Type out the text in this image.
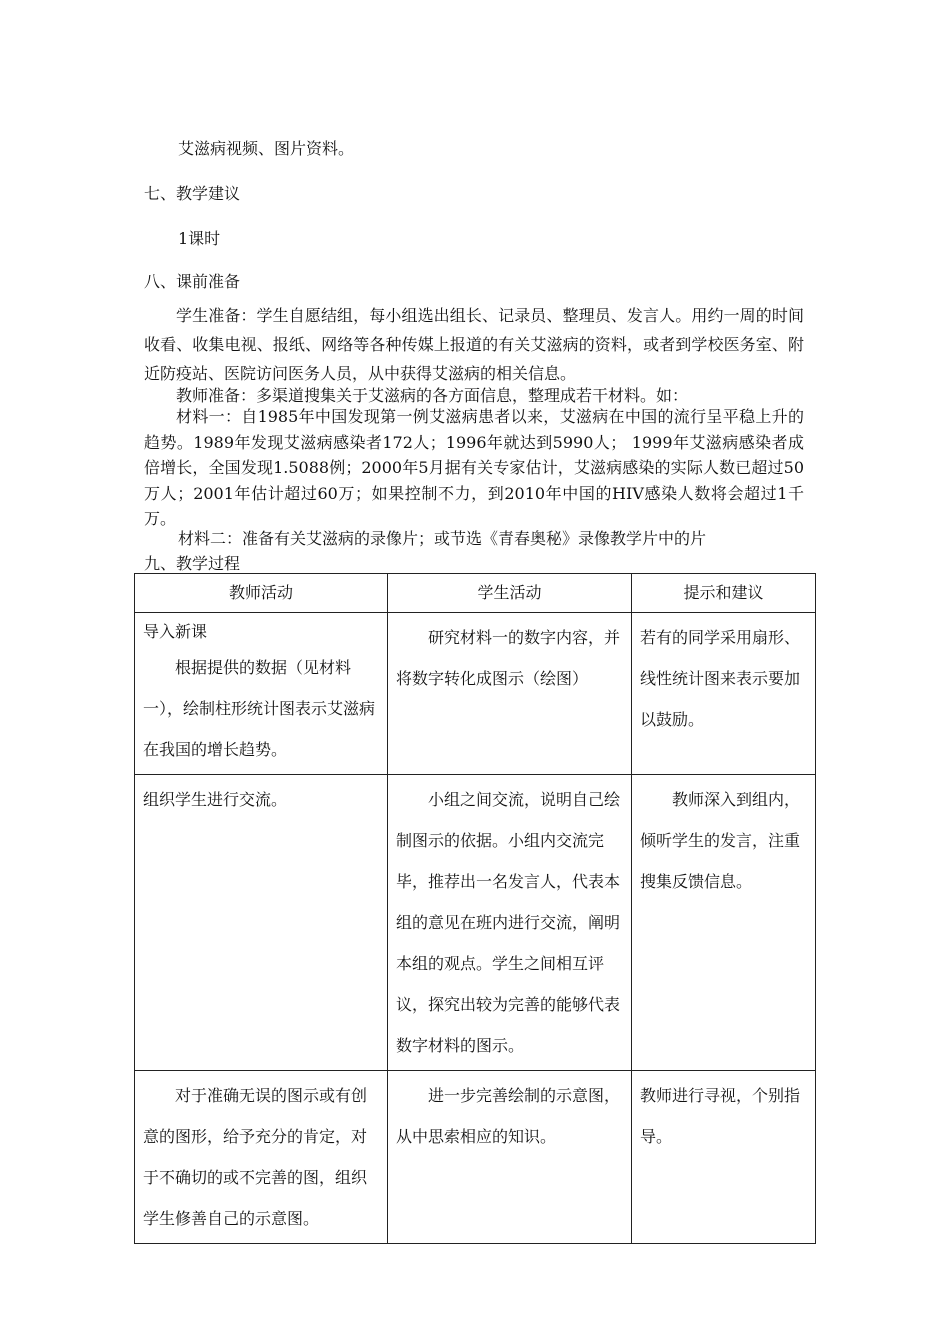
艾滋病视频、图片资料。
七、教学建议
1课时
八、课前准备
学生准备：学生自愿结组，每小组选出组长、记录员、整理员、发言人。用约一周的时间收看、收集电视、报纸、网络等各种传媒上报道的有关艾滋病的资料，或者到学校医务室、附近防疫站、医院访问医务人员，从中获得艾滋病的相关信息。
教师准备：多渠道搜集关于艾滋病的各方面信息，整理成若干材料。如：
材料一：自1985年中国发现第一例艾滋病患者以来，艾滋病在中国的流行呈平稳上升的趋势。1989年发现艾滋病感染者172人；1996年就达到5990人； 1999年艾滋病感染者成倍增长，全国发现1.5088例；2000年5月据有关专家估计，艾滋病感染的实际人数已超过50万人；2001年估计超过60万；如果控制不力，到2010年中国的HIV感染人数将会超过1千万。
材料二：准备有关艾滋病的录像片；或节选《青春奥秘》录像教学片中的片
九、教学过程
教师活动	学生活动	提示和建议

导入新课
根据提供的数据（见材料一），绘制柱形统计图表示艾滋病在我国的增长趋势。	研究材料一的数字内容，并将数字转化成图示（绘图）	若有的同学采用扇形、线性统计图来表示要加以鼓励。

组织学生进行交流。	小组之间交流，说明自己绘制图示的依据。小组内交流完毕，推荐出一名发言人，代表本组的意见在班内进行交流，阐明本组的观点。学生之间相互评议，探究出较为完善的能够代表数字材料的图示。	教师深入到组内，倾听学生的发言，注重搜集反馈信息。

对于准确无误的图示或有创意的图形，给予充分的肯定，对于不确切的或不完善的图，组织学生修善自己的示意图。	进一步完善绘制的示意图，从中思索相应的知识。	教师进行寻视，个别指导。
